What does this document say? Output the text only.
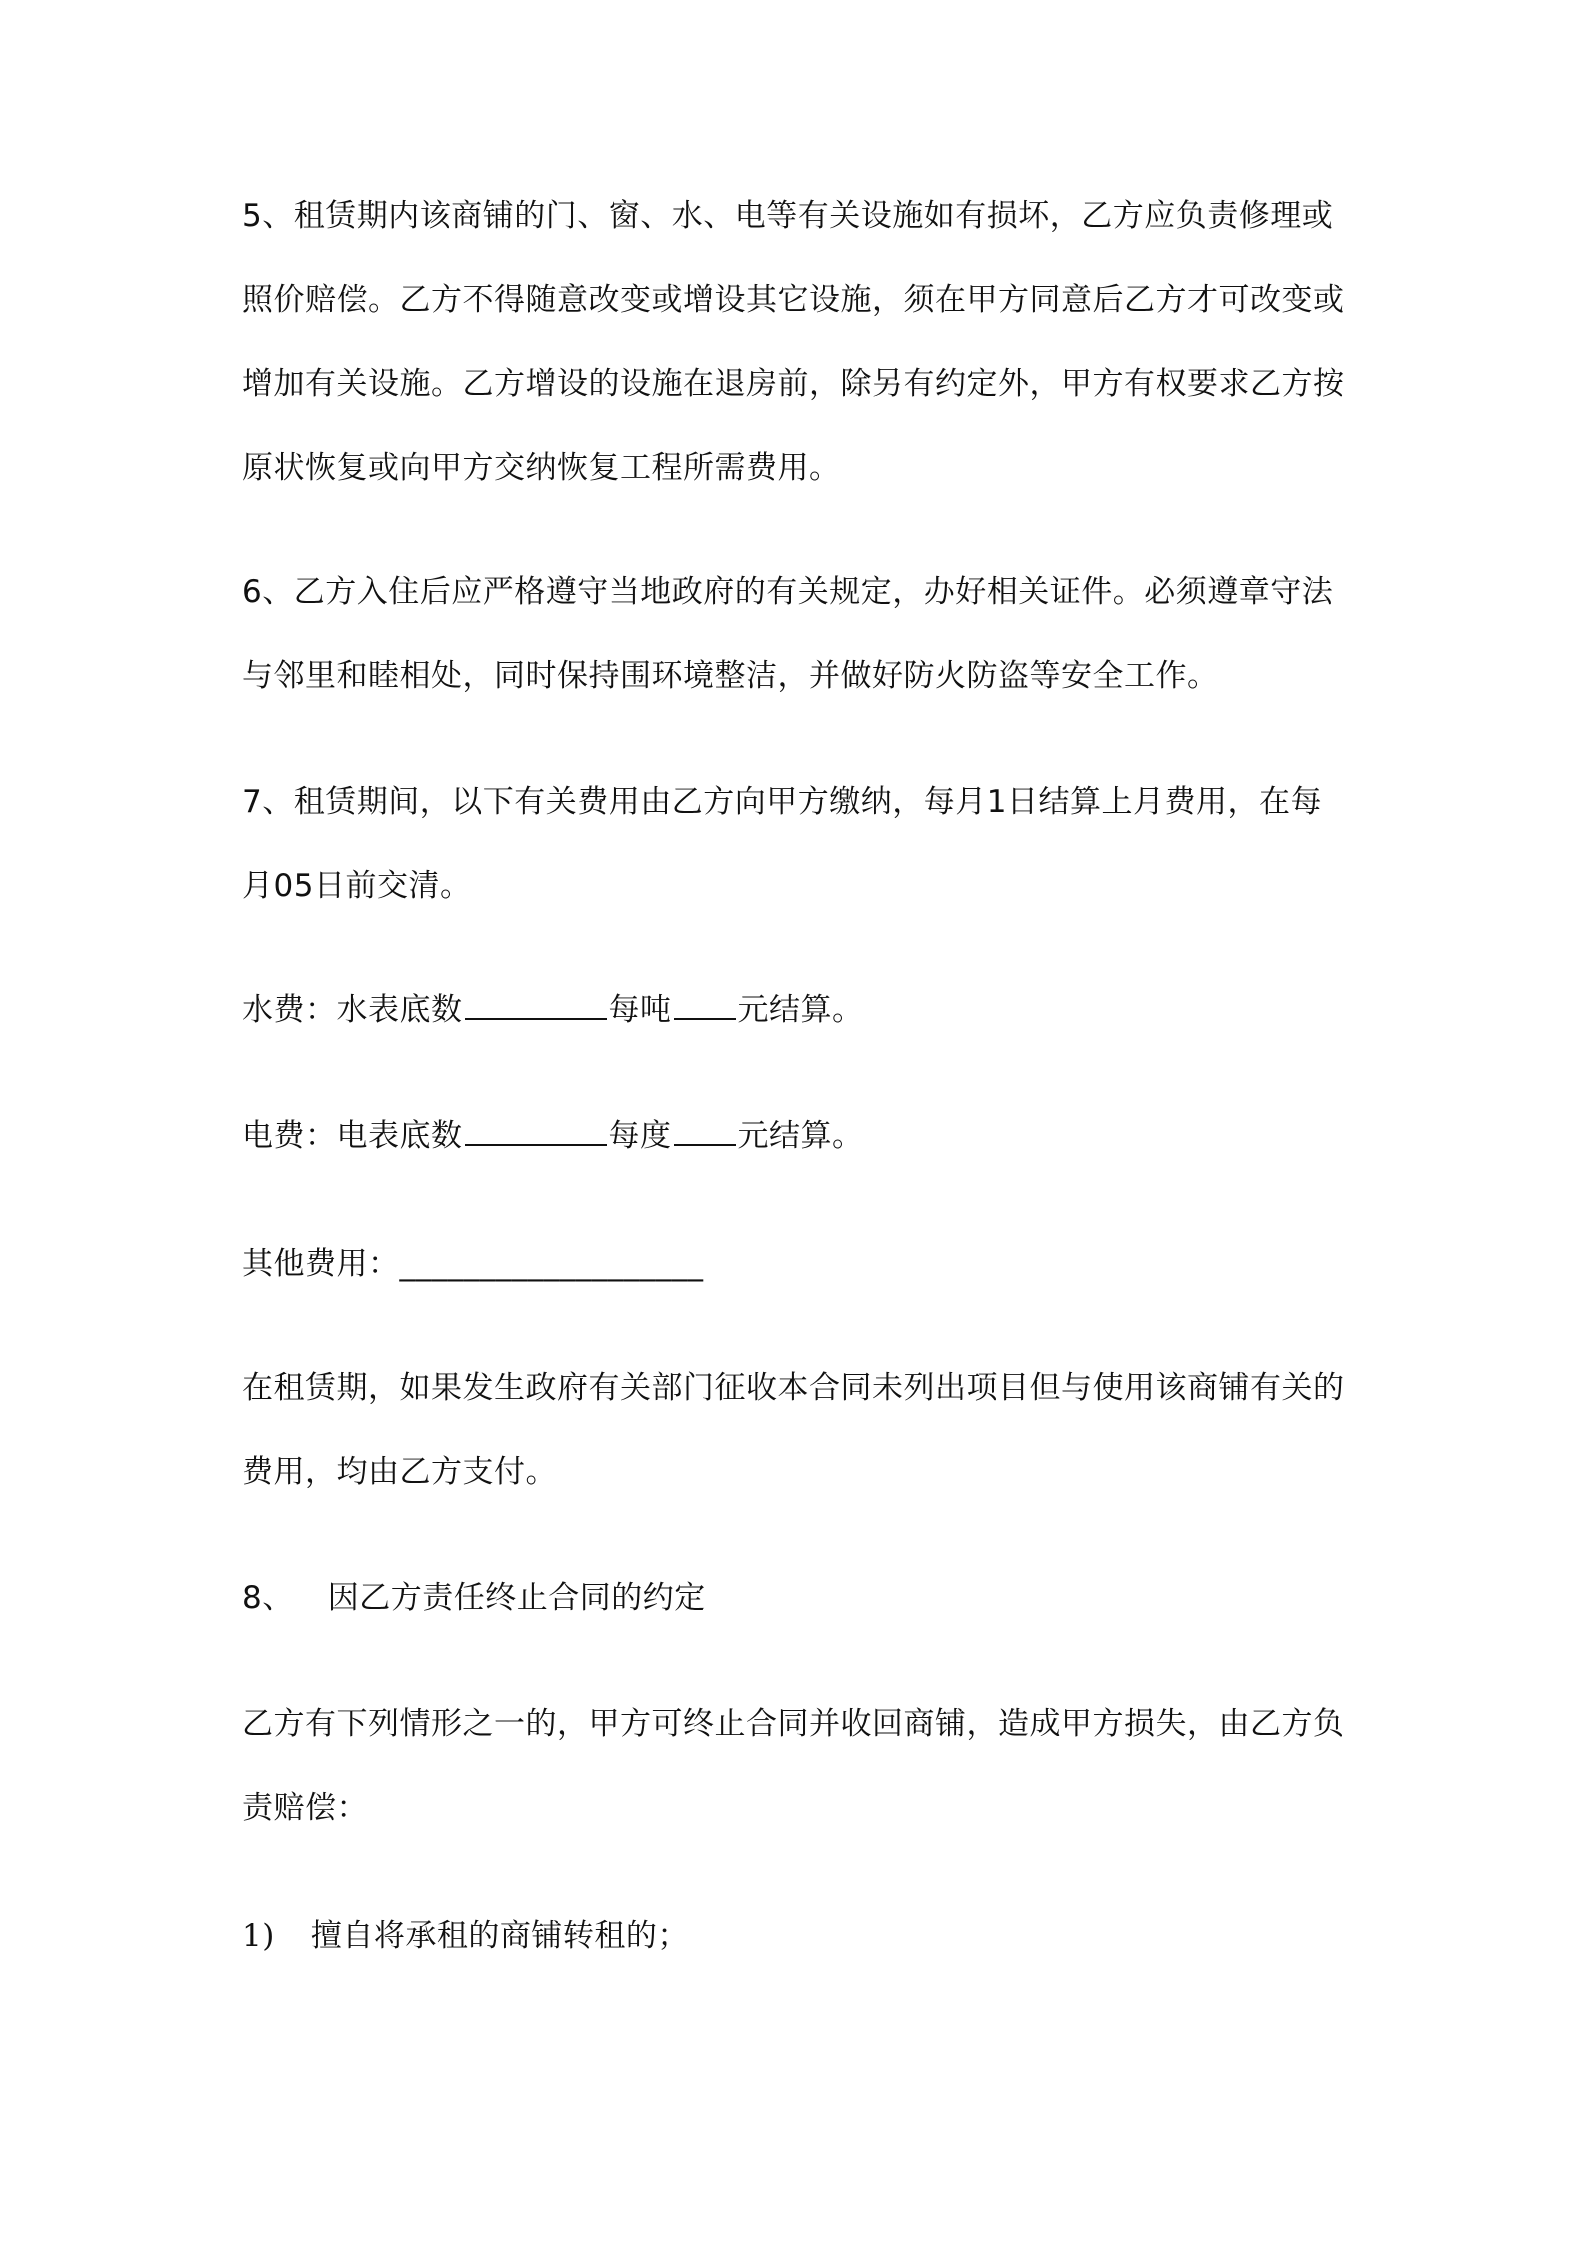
5、租赁期内该商铺的门、窗、水、电等有关设施如有损坏，乙方应负责修理或
照价赔偿。乙方不得随意改变或增设其它设施，须在甲方同意后乙方才可改变或
增加有关设施。乙方增设的设施在退房前，除另有约定外，甲方有权要求乙方按
原状恢复或向甲方交纳恢复工程所需费用。
6、乙方入住后应严格遵守当地政府的有关规定，办好相关证件。必须遵章守法
与邻里和睦相处，同时保持围环境整洁，并做好防火防盗等安全工作。
7、租赁期间，以下有关费用由乙方向甲方缴纳，每月1日结算上月费用，在每
月05日前交清。
水费：水表底数	每吨 元结算。
电费：电表底数	每度 元结算。
其他费用：___________________
在租赁期，如果发生政府有关部门征收本合同未列出项目但与使用该商铺有关的
费用，均由乙方支付。
8、 因乙方责任终止合同的约定
乙方有下列情形之一的，甲方可终止合同并收回商铺，造成甲方损失，由乙方负
责赔偿：
1) 擅自将承租的商铺转租的；
